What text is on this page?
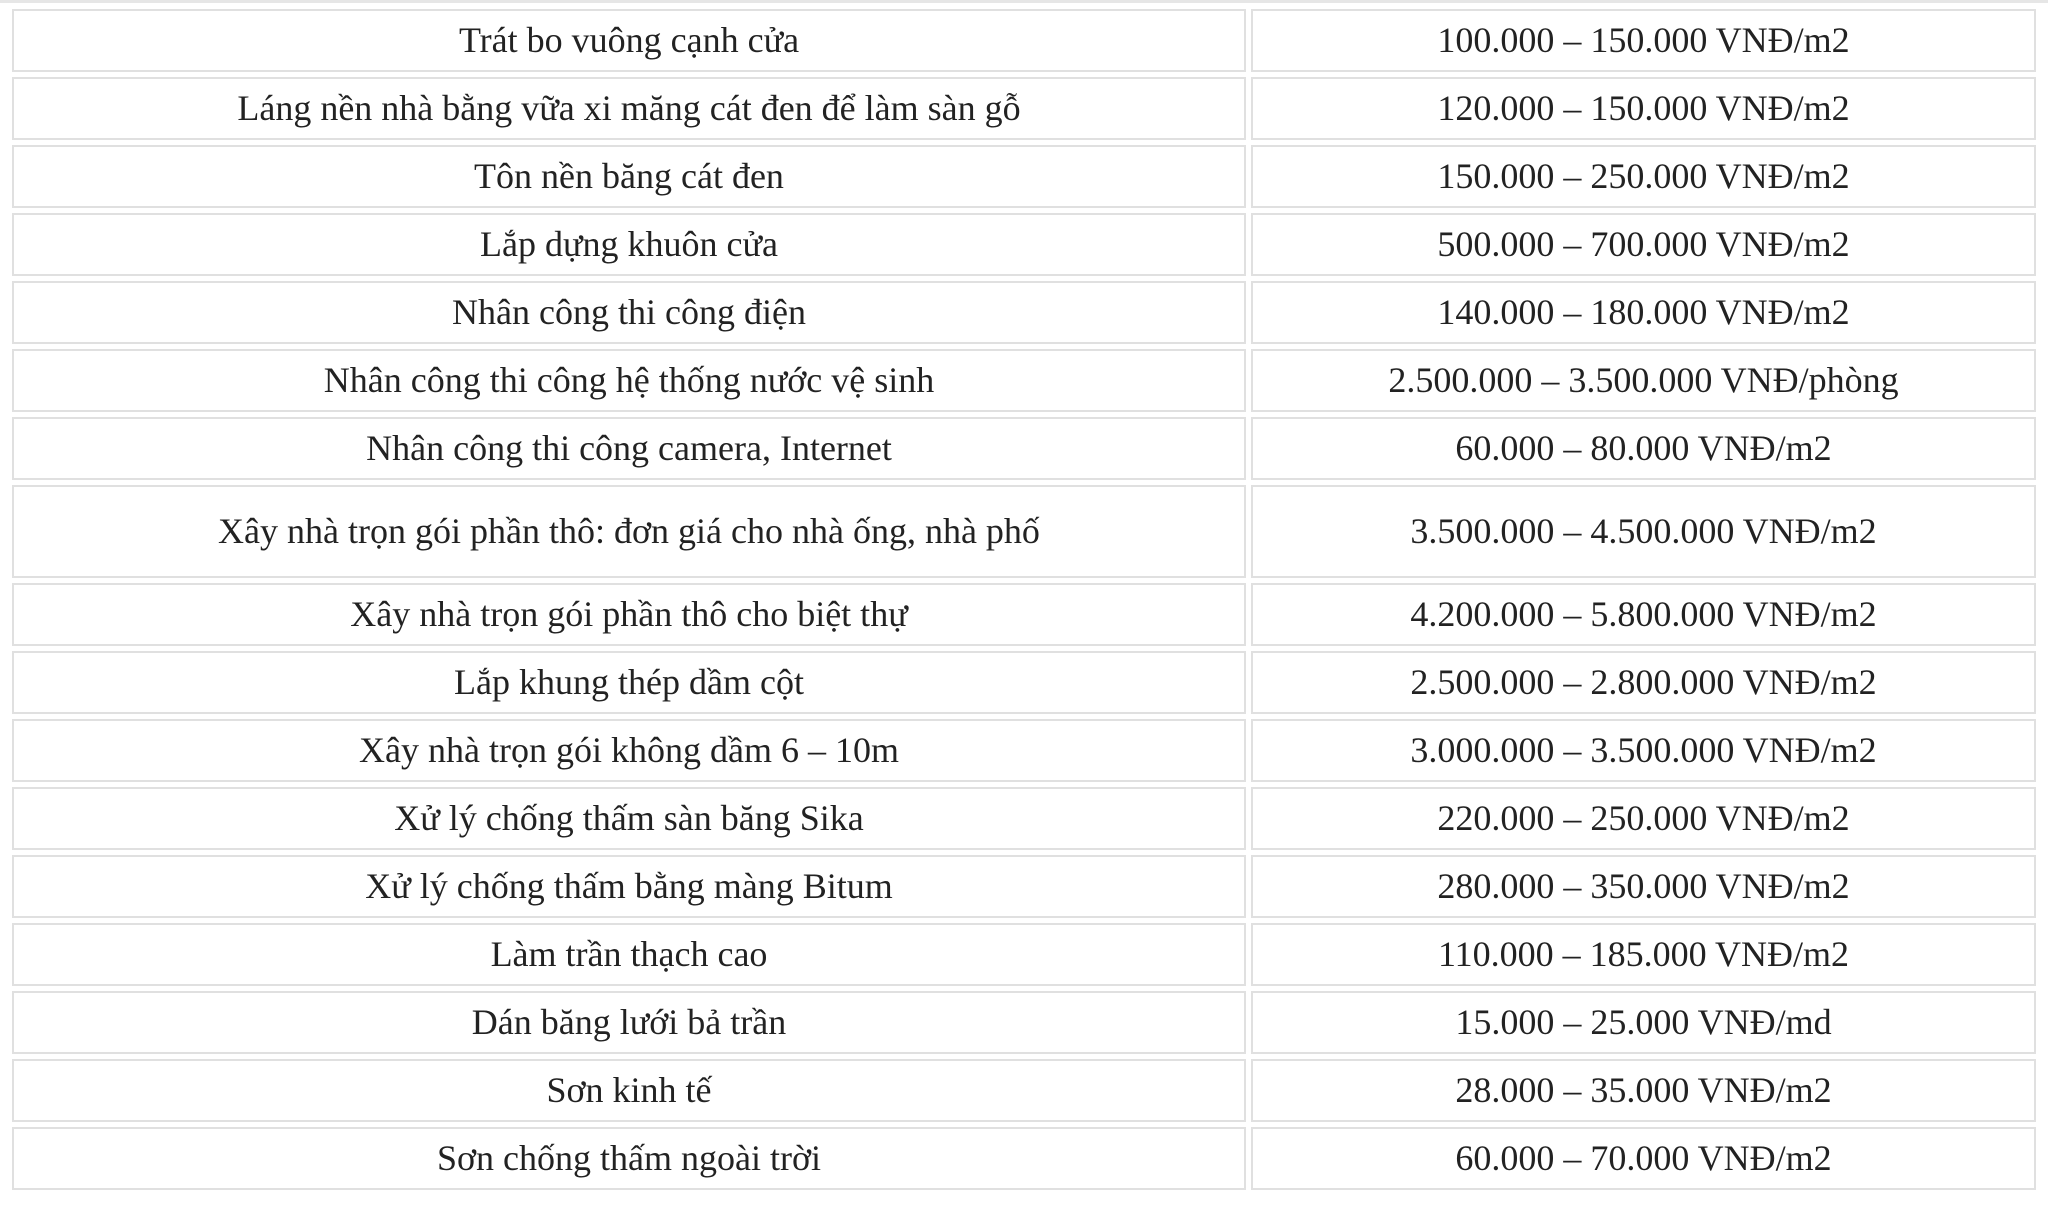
Trát bo vuông cạnh cửa	100.000 – 150.000 VNĐ/m2
Láng nền nhà bằng vữa xi măng cát đen để làm sàn gỗ	120.000 – 150.000 VNĐ/m2
Tôn nền băng cát đen	150.000 – 250.000 VNĐ/m2
Lắp dựng khuôn cửa	500.000 – 700.000 VNĐ/m2
Nhân công thi công điện	140.000 – 180.000 VNĐ/m2
Nhân công thi công hệ thống nước vệ sinh	2.500.000 – 3.500.000 VNĐ/phòng
Nhân công thi công camera, Internet	60.000 – 80.000 VNĐ/m2
Xây nhà trọn gói phần thô: đơn giá cho nhà ống, nhà phố	3.500.000 – 4.500.000 VNĐ/m2
Xây nhà trọn gói phần thô cho biệt thự	4.200.000 – 5.800.000 VNĐ/m2
Lắp khung thép dầm cột	2.500.000 – 2.800.000 VNĐ/m2
Xây nhà trọn gói không dầm 6 – 10m	3.000.000 – 3.500.000 VNĐ/m2
Xử lý chống thấm sàn băng Sika	220.000 – 250.000 VNĐ/m2
Xử lý chống thấm bằng màng Bitum	280.000 – 350.000 VNĐ/m2
Làm trần thạch cao	110.000 – 185.000 VNĐ/m2
Dán băng lưới bả trần	15.000 – 25.000 VNĐ/md
Sơn kinh tế	28.000 – 35.000 VNĐ/m2
Sơn chống thấm ngoài trời	60.000 – 70.000 VNĐ/m2
